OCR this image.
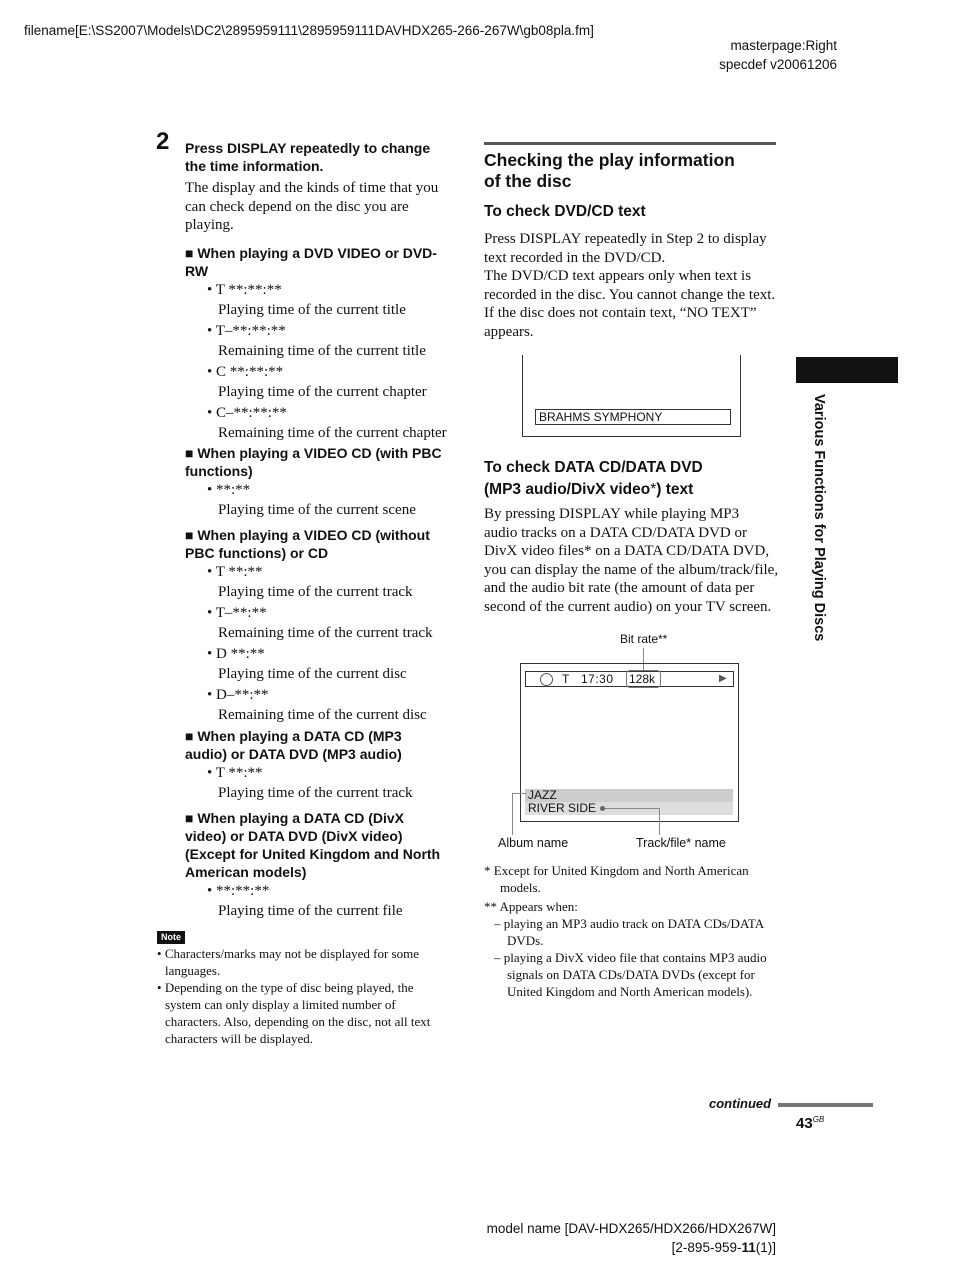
filename[E:\SS2007\Models\DC2\2895959111\2895959111DAVHDX265-266-267W\gb08pla.fm]
masterpage:Right
specdef v20061206
2 Press DISPLAY repeatedly to change
the time information.
The display and the kinds of time that you
can check depend on the disc you are
playing.
■ When playing a DVD VIDEO or DVD-
RW
• T **:**:**
Playing time of the current title
• T–**:**:**
Remaining time of the current title
• C **:**:**
Playing time of the current chapter
• C–**:**:**
Remaining time of the current chapter
■ When playing a VIDEO CD (with PBC
functions)
• **:**
Playing time of the current scene
■ When playing a VIDEO CD (without
PBC functions) or CD
• T **:**
Playing time of the current track
• T–**:**
Remaining time of the current track
• D **:**
Playing time of the current disc
• D–**:**
Remaining time of the current disc
■ When playing a DATA CD (MP3
audio) or DATA DVD (MP3 audio)
• T **:**
Playing time of the current track
■ When playing a DATA CD (DivX
video) or DATA DVD (DivX video)
(Except for United Kingdom and North
American models)
• **:**:**
Playing time of the current file
Note
• Characters/marks may not be displayed for some
languages.
• Depending on the type of disc being played, the
system can only display a limited number of
characters. Also, depending on the disc, not all text
characters will be displayed.
Checking the play information
of the disc
To check DVD/CD text
Press DISPLAY repeatedly in Step 2 to display
text recorded in the DVD/CD.
The DVD/CD text appears only when text is
recorded in the disc. You cannot change the text.
If the disc does not contain text, “NO TEXT”
appears.
BRAHMS SYMPHONY
To check DATA CD/DATA DVD
(MP3 audio/DivX video*) text
By pressing DISPLAY while playing MP3
audio tracks on a DATA CD/DATA DVD or
DivX video files* on a DATA CD/DATA DVD,
you can display the name of the album/track/file,
and the audio bit rate (the amount of data per
second of the current audio) on your TV screen.
Bit rate**
T 17:30 128k	▶
JAZZ
RIVER SIDE
Album name	Track/file* name
* Except for United Kingdom and North American
models.
** Appears when:
– playing an MP3 audio track on DATA CDs/DATA
DVDs.
– playing a DivX video file that contains MP3 audio
signals on DATA CDs/DATA DVDs (except for
United Kingdom and North American models).
Various Functions for Playing Discs
continued
$43^{GB}$
model name [DAV-HDX265/HDX266/HDX267W]
[2-895-959-11(1)]
